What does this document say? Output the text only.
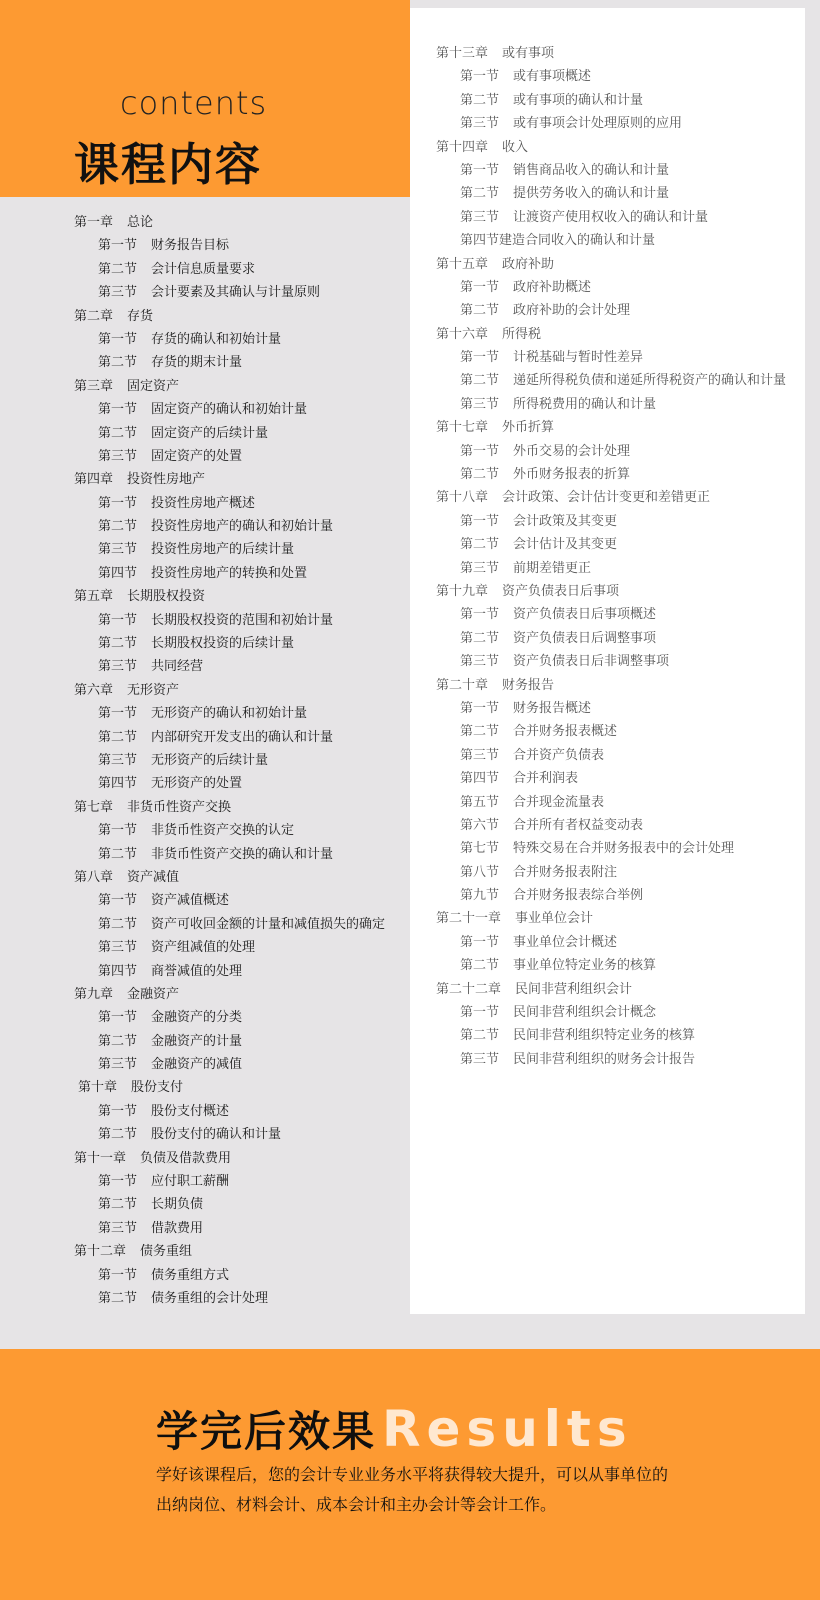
contents
课程内容
第一章 总论
第一节 财务报告目标
第二节 会计信息质量要求
第三节 会计要素及其确认与计量原则
第二章 存货
第一节 存货的确认和初始计量
第二节 存货的期末计量
第三章 固定资产
第一节 固定资产的确认和初始计量
第二节 固定资产的后续计量
第三节 固定资产的处置
第四章 投资性房地产
第一节 投资性房地产概述
第二节 投资性房地产的确认和初始计量
第三节 投资性房地产的后续计量
第四节 投资性房地产的转换和处置
第五章 长期股权投资
第一节 长期股权投资的范围和初始计量
第二节 长期股权投资的后续计量
第三节 共同经营
第六章 无形资产
第一节 无形资产的确认和初始计量
第二节 内部研究开发支出的确认和计量
第三节 无形资产的后续计量
第四节 无形资产的处置
第七章 非货币性资产交换
第一节 非货币性资产交换的认定
第二节 非货币性资产交换的确认和计量
第八章 资产减值
第一节 资产减值概述
第二节 资产可收回金额的计量和减值损失的确定
第三节 资产组减值的处理
第四节 商誉减值的处理
第九章 金融资产
第一节 金融资产的分类
第二节 金融资产的计量
第三节 金融资产的减值
第十章 股份支付
第一节 股份支付概述
第二节 股份支付的确认和计量
第十一章 负债及借款费用
第一节 应付职工薪酬
第二节 长期负债
第三节 借款费用
第十二章 债务重组
第一节 债务重组方式
第二节 债务重组的会计处理
第十三章 或有事项
第一节 或有事项概述
第二节 或有事项的确认和计量
第三节 或有事项会计处理原则的应用
第十四章 收入
第一节 销售商品收入的确认和计量
第二节 提供劳务收入的确认和计量
第三节 让渡资产使用权收入的确认和计量
第四节建造合同收入的确认和计量
第十五章 政府补助
第一节 政府补助概述
第二节 政府补助的会计处理
第十六章 所得税
第一节 计税基础与暂时性差异
第二节 递延所得税负债和递延所得税资产的确认和计量
第三节 所得税费用的确认和计量
第十七章 外币折算
第一节 外币交易的会计处理
第二节 外币财务报表的折算
第十八章 会计政策、会计估计变更和差错更正
第一节 会计政策及其变更
第二节 会计估计及其变更
第三节 前期差错更正
第十九章 资产负债表日后事项
第一节 资产负债表日后事项概述
第二节 资产负债表日后调整事项
第三节 资产负债表日后非调整事项
第二十章 财务报告
第一节 财务报告概述
第二节 合并财务报表概述
第三节 合并资产负债表
第四节 合并利润表
第五节 合并现金流量表
第六节 合并所有者权益变动表
第七节 特殊交易在合并财务报表中的会计处理
第八节 合并财务报表附注
第九节 合并财务报表综合举例
第二十一章 事业单位会计
第一节 事业单位会计概述
第二节 事业单位特定业务的核算
第二十二章 民间非营利组织会计
第一节 民间非营利组织会计概念
第二节 民间非营利组织特定业务的核算
第三节 民间非营利组织的财务会计报告
学完后效果 Results
学好该课程后，您的会计专业业务水平将获得较大提升，可以从事单位的出纳岗位、材料会计、成本会计和主办会计等会计工作。
